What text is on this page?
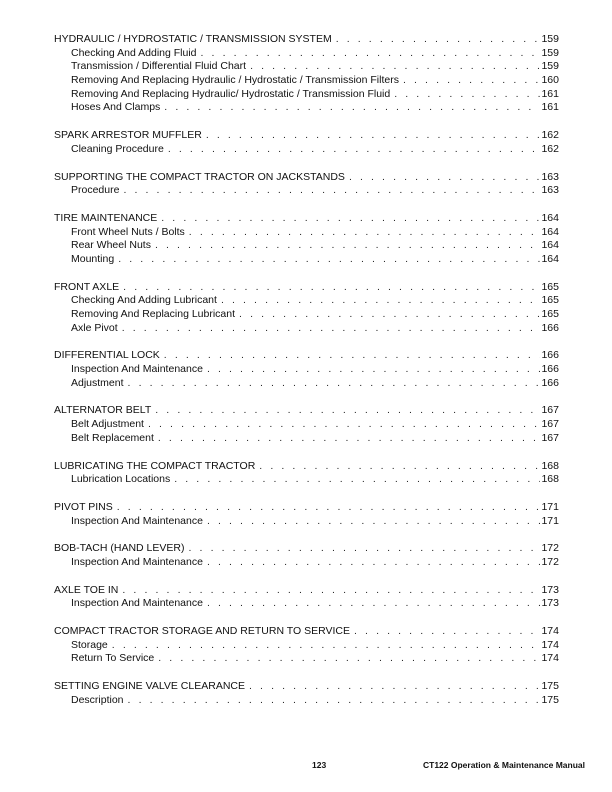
HYDRAULIC / HYDROSTATIC / TRANSMISSION SYSTEM . . .	159
Checking And Adding Fluid . . .	159
Transmission / Differential Fluid Chart . . .	159
Removing And Replacing Hydraulic / Hydrostatic / Transmission Filters . . .	160
Removing And Replacing Hydraulic/ Hydrostatic / Transmission Fluid . . .	161
Hoses And Clamps . . .	161
SPARK ARRESTOR MUFFLER . . .	162
Cleaning Procedure . . .	162
SUPPORTING THE COMPACT TRACTOR ON JACKSTANDS . . .	163
Procedure . . .	163
TIRE MAINTENANCE . . .	164
Front Wheel Nuts / Bolts . . .	164
Rear Wheel Nuts . . .	164
Mounting . . .	164
FRONT AXLE . . .	165
Checking And Adding Lubricant . . .	165
Removing And Replacing Lubricant . . .	165
Axle Pivot . . .	166
DIFFERENTIAL LOCK . . .	166
Inspection And Maintenance . . .	166
Adjustment . . .	166
ALTERNATOR BELT . . .	167
Belt Adjustment . . .	167
Belt Replacement . . .	167
LUBRICATING THE COMPACT TRACTOR . . .	168
Lubrication Locations . . .	168
PIVOT PINS . . .	171
Inspection And Maintenance . . .	171
BOB-TACH (HAND LEVER) . . .	172
Inspection And Maintenance . . .	172
AXLE TOE IN . . .	173
Inspection And Maintenance . . .	173
COMPACT TRACTOR STORAGE AND RETURN TO SERVICE . . .	174
Storage . . .	174
Return To Service . . .	174
SETTING ENGINE VALVE CLEARANCE . . .	175
Description . . .	175
123	CT122 Operation & Maintenance Manual
